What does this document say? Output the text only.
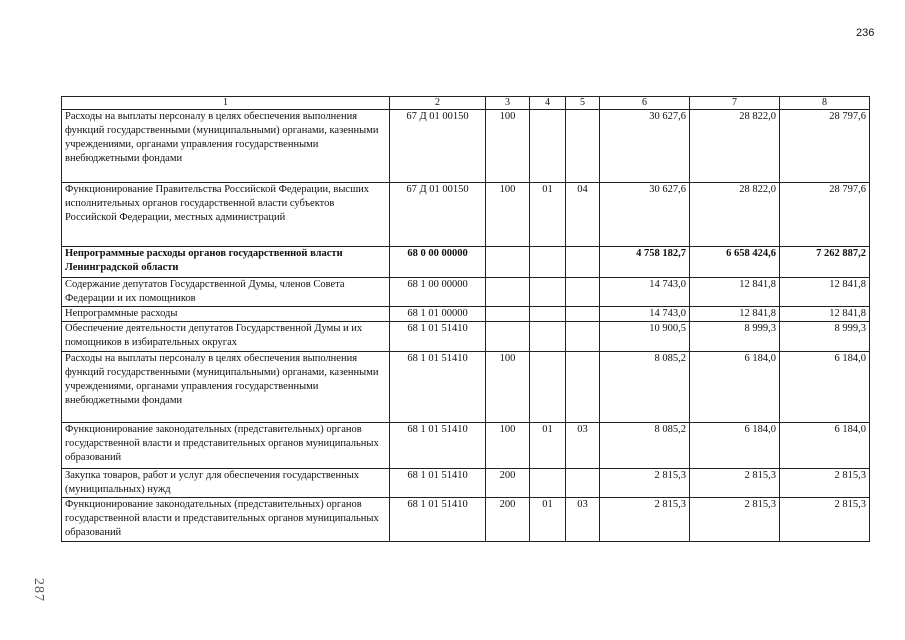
236
1	2	3	4	5	6	7	8
Расходы на выплаты персоналу в целях обеспечения выполнения функций государственными (муниципальными) органами, казенными учреждениями, органами управления государственными внебюджетными фондами	67 Д 01 00150	100			30 627,6	28 822,0	28 797,6
Функционирование Правительства Российской Федерации, высших исполнительных органов государственной власти субъектов Российской Федерации, местных администраций	67 Д 01 00150	100	01	04	30 627,6	28 822,0	28 797,6
Непрограммные расходы органов государственной власти Ленинградской области	68 0 00 00000				4 758 182,7	6 658 424,6	7 262 887,2
Содержание депутатов Государственной Думы, членов Совета Федерации и их помощников	68 1 00 00000				14 743,0	12 841,8	12 841,8
Непрограммные расходы	68 1 01 00000				14 743,0	12 841,8	12 841,8
Обеспечение деятельности депутатов Государственной Думы и их помощников в избирательных округах	68 1 01 51410				10 900,5	8 999,3	8 999,3
Расходы на выплаты персоналу в целях обеспечения выполнения функций государственными (муниципальными) органами, казенными учреждениями, органами управления государственными внебюджетными фондами	68 1 01 51410	100			8 085,2	6 184,0	6 184,0
Функционирование законодательных (представительных) органов государственной власти и представительных органов муниципальных образований	68 1 01 51410	100	01	03	8 085,2	6 184,0	6 184,0
Закупка товаров, работ и услуг для обеспечения государственных (муниципальных) нужд	68 1 01 51410	200			2 815,3	2 815,3	2 815,3
Функционирование законодательных (представительных) органов государственной власти и представительных органов муниципальных образований	68 1 01 51410	200	01	03	2 815,3	2 815,3	2 815,3
287
